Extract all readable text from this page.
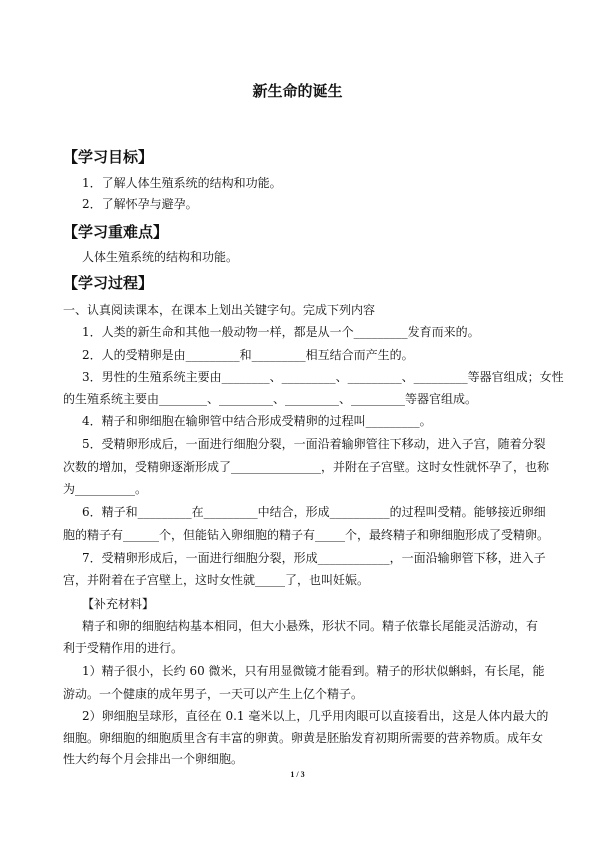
新生命的诞生
【学习目标】
1．了解人体生殖系统的结构和功能。
2．了解怀孕与避孕。
【学习重难点】
人体生殖系统的结构和功能。
【学习过程】
一、认真阅读课本，在课本上划出关键字句。完成下列内容
1．人类的新生命和其他一般动物一样，都是从一个_________发育而来的。
2．人的受精卵是由_________和_________相互结合而产生的。
3．男性的生殖系统主要由________、_________、_________、_________等器官组成；女性
的生殖系统主要由________、_________、_________、_________等器官组成。
4．精子和卵细胞在输卵管中结合形成受精卵的过程叫_________。
5．受精卵形成后，一面进行细胞分裂，一面沿着输卵管往下移动，进入子宫，随着分裂
次数的增加，受精卵逐渐形成了_______________，并附在子宫壁。这时女性就怀孕了，也称
为__________。
6．精子和_________在_________中结合，形成__________的过程叫受精。能够接近卵细
胞的精子有______个，但能钻入卵细胞的精子有_____个，最终精子和卵细胞形成了受精卵。
7．受精卵形成后，一面进行细胞分裂，形成____________，一面沿输卵管下移，进入子
宫，并附着在子宫壁上，这时女性就_____了，也叫妊娠。
【补充材料】
精子和卵的细胞结构基本相同，但大小悬殊，形状不同。精子依靠长尾能灵活游动，有
利于受精作用的进行。
1）精子很小，长约 60 微米，只有用显微镜才能看到。精子的形状似蝌蚪，有长尾，能
游动。一个健康的成年男子，一天可以产生上亿个精子。
2）卵细胞呈球形，直径在 0.1 毫米以上，几乎用肉眼可以直接看出，这是人体内最大的
细胞。卵细胞的细胞质里含有丰富的卵黄。卵黄是胚胎发育初期所需要的营养物质。成年女
性大约每个月会排出一个卵细胞。
1 / 3
